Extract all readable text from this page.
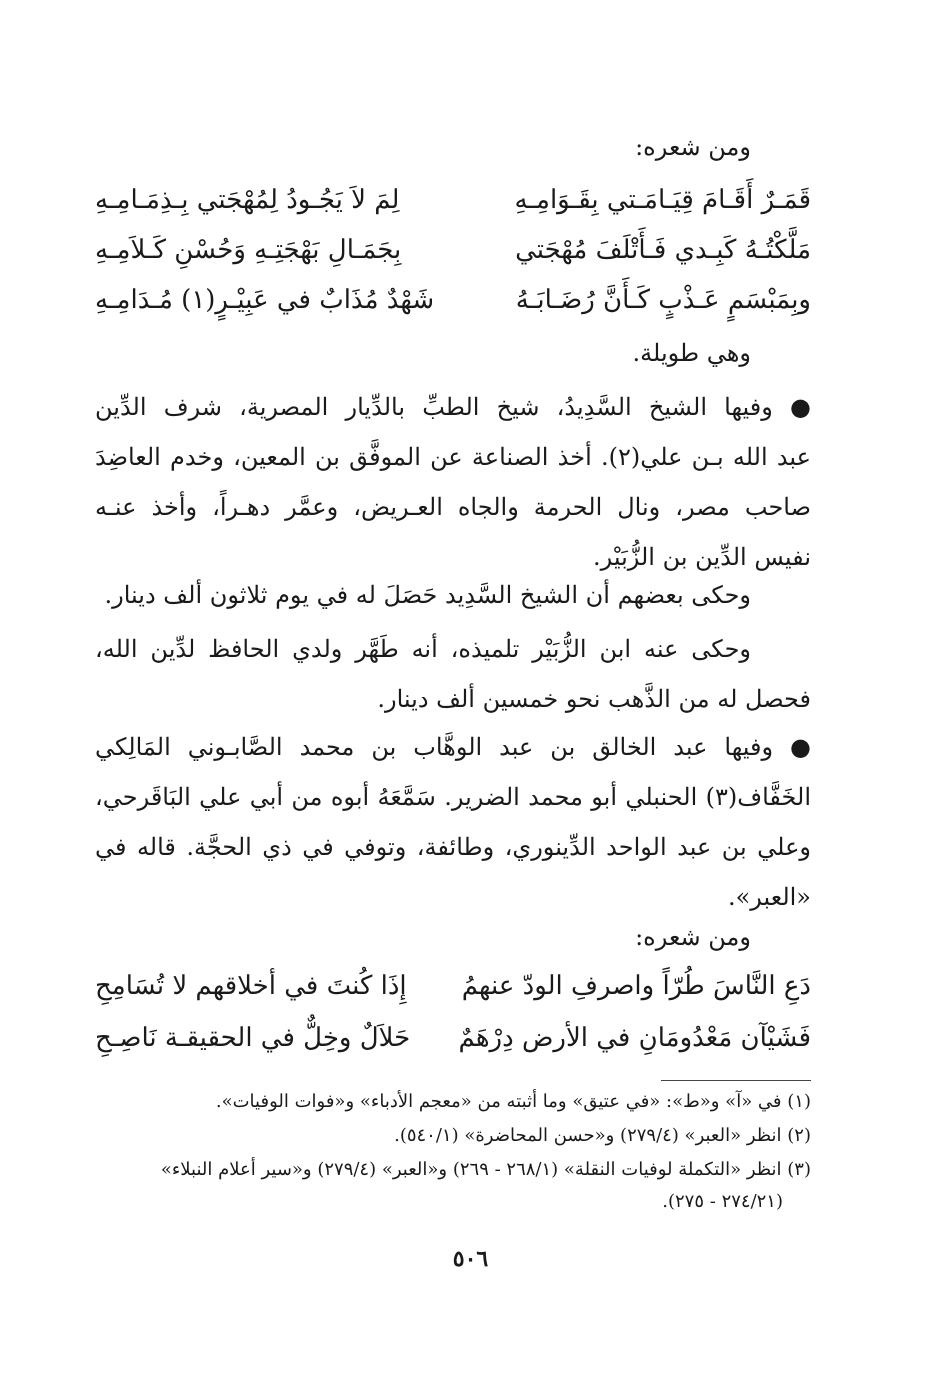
ومن شعره:
قَمَـرٌ أَقَـامَ قِيَـامَـتي بِقَـوَامِـهِ
لِمَ لاَ يَجُـودُ لِمُهْجَتي بِـذِمَـامِـهِ
مَلَّكْتُـهُ كَبِـدي فَـأَتْلَفَ مُهْجَتي
بِجَمَـالِ بَهْجَتِـهِ وَحُسْنِ كَـلاَمِـهِ
وبِمَبْسَمٍ عَـذْبٍ كَـأَنَّ رُضَـابَـهُ
شَهْدٌ مُذَابٌ في عَبِيْـرٍ(١) مُـدَامِـهِ
وهي طويلة.
● وفيها الشيخ السَّدِيدُ، شيخ الطبِّ بالدِّيار المصرية، شرف الدِّين
عبد الله بـن علي(٢). أخذ الصناعة عن الموفَّق بن المعين، وخدم العاضِدَ
صاحب مصر، ونال الحرمة والجاه العـريض، وعمَّر دهـراً، وأخذ عنـه
نفيس الدِّين بن الزُّبَيْر.
وحكى بعضهم أن الشيخ السَّدِيد حَصَلَ له في يوم ثلاثون ألف دينار.
وحكى عنه ابن الزُّبَيْر تلميذه، أنه طَهَّر ولدي الحافظ لدِّين الله،
فحصل له من الذَّهب نحو خمسين ألف دينار.
● وفيها عبد الخالق بن عبد الوهَّاب بن محمد الصَّابـوني المَالِكي
الخَفَّاف(٣) الحنبلي أبو محمد الضرير. سَمَّعَهُ أبوه من أبي علي البَاقَرحي،
وعلي بن عبد الواحد الدِّينوري، وطائفة، وتوفي في ذي الحجَّة. قاله في
«العبر».
ومن شعره:
دَعِ النَّاسَ طُرّاً واصرفِ الودّ عنهمُ
إِذَا كُنتَ في أخلاقهم لا تُسَامِحِ
فَشَيْآن مَعْدُومَانِ في الأرض دِرْهَمٌ
حَلاَلٌ وخِلٌّ في الحقيقـة نَاصِـحِ
(١) في «آ» و«ط»: «في عتيق» وما أثبته من «معجم الأدباء» و«فوات الوفيات».
(٢) انظر «العبر» (٢٧٩/٤) و«حسن المحاضرة» (٥٤٠/١).
(٣) انظر «التكملة لوفيات النقلة» (٢٦٨/١ - ٢٦٩) و«العبر» (٢٧٩/٤) و«سير أعلام النبلاء»
(٢٧٤/٢١ - ٢٧٥).
٥٠٦
